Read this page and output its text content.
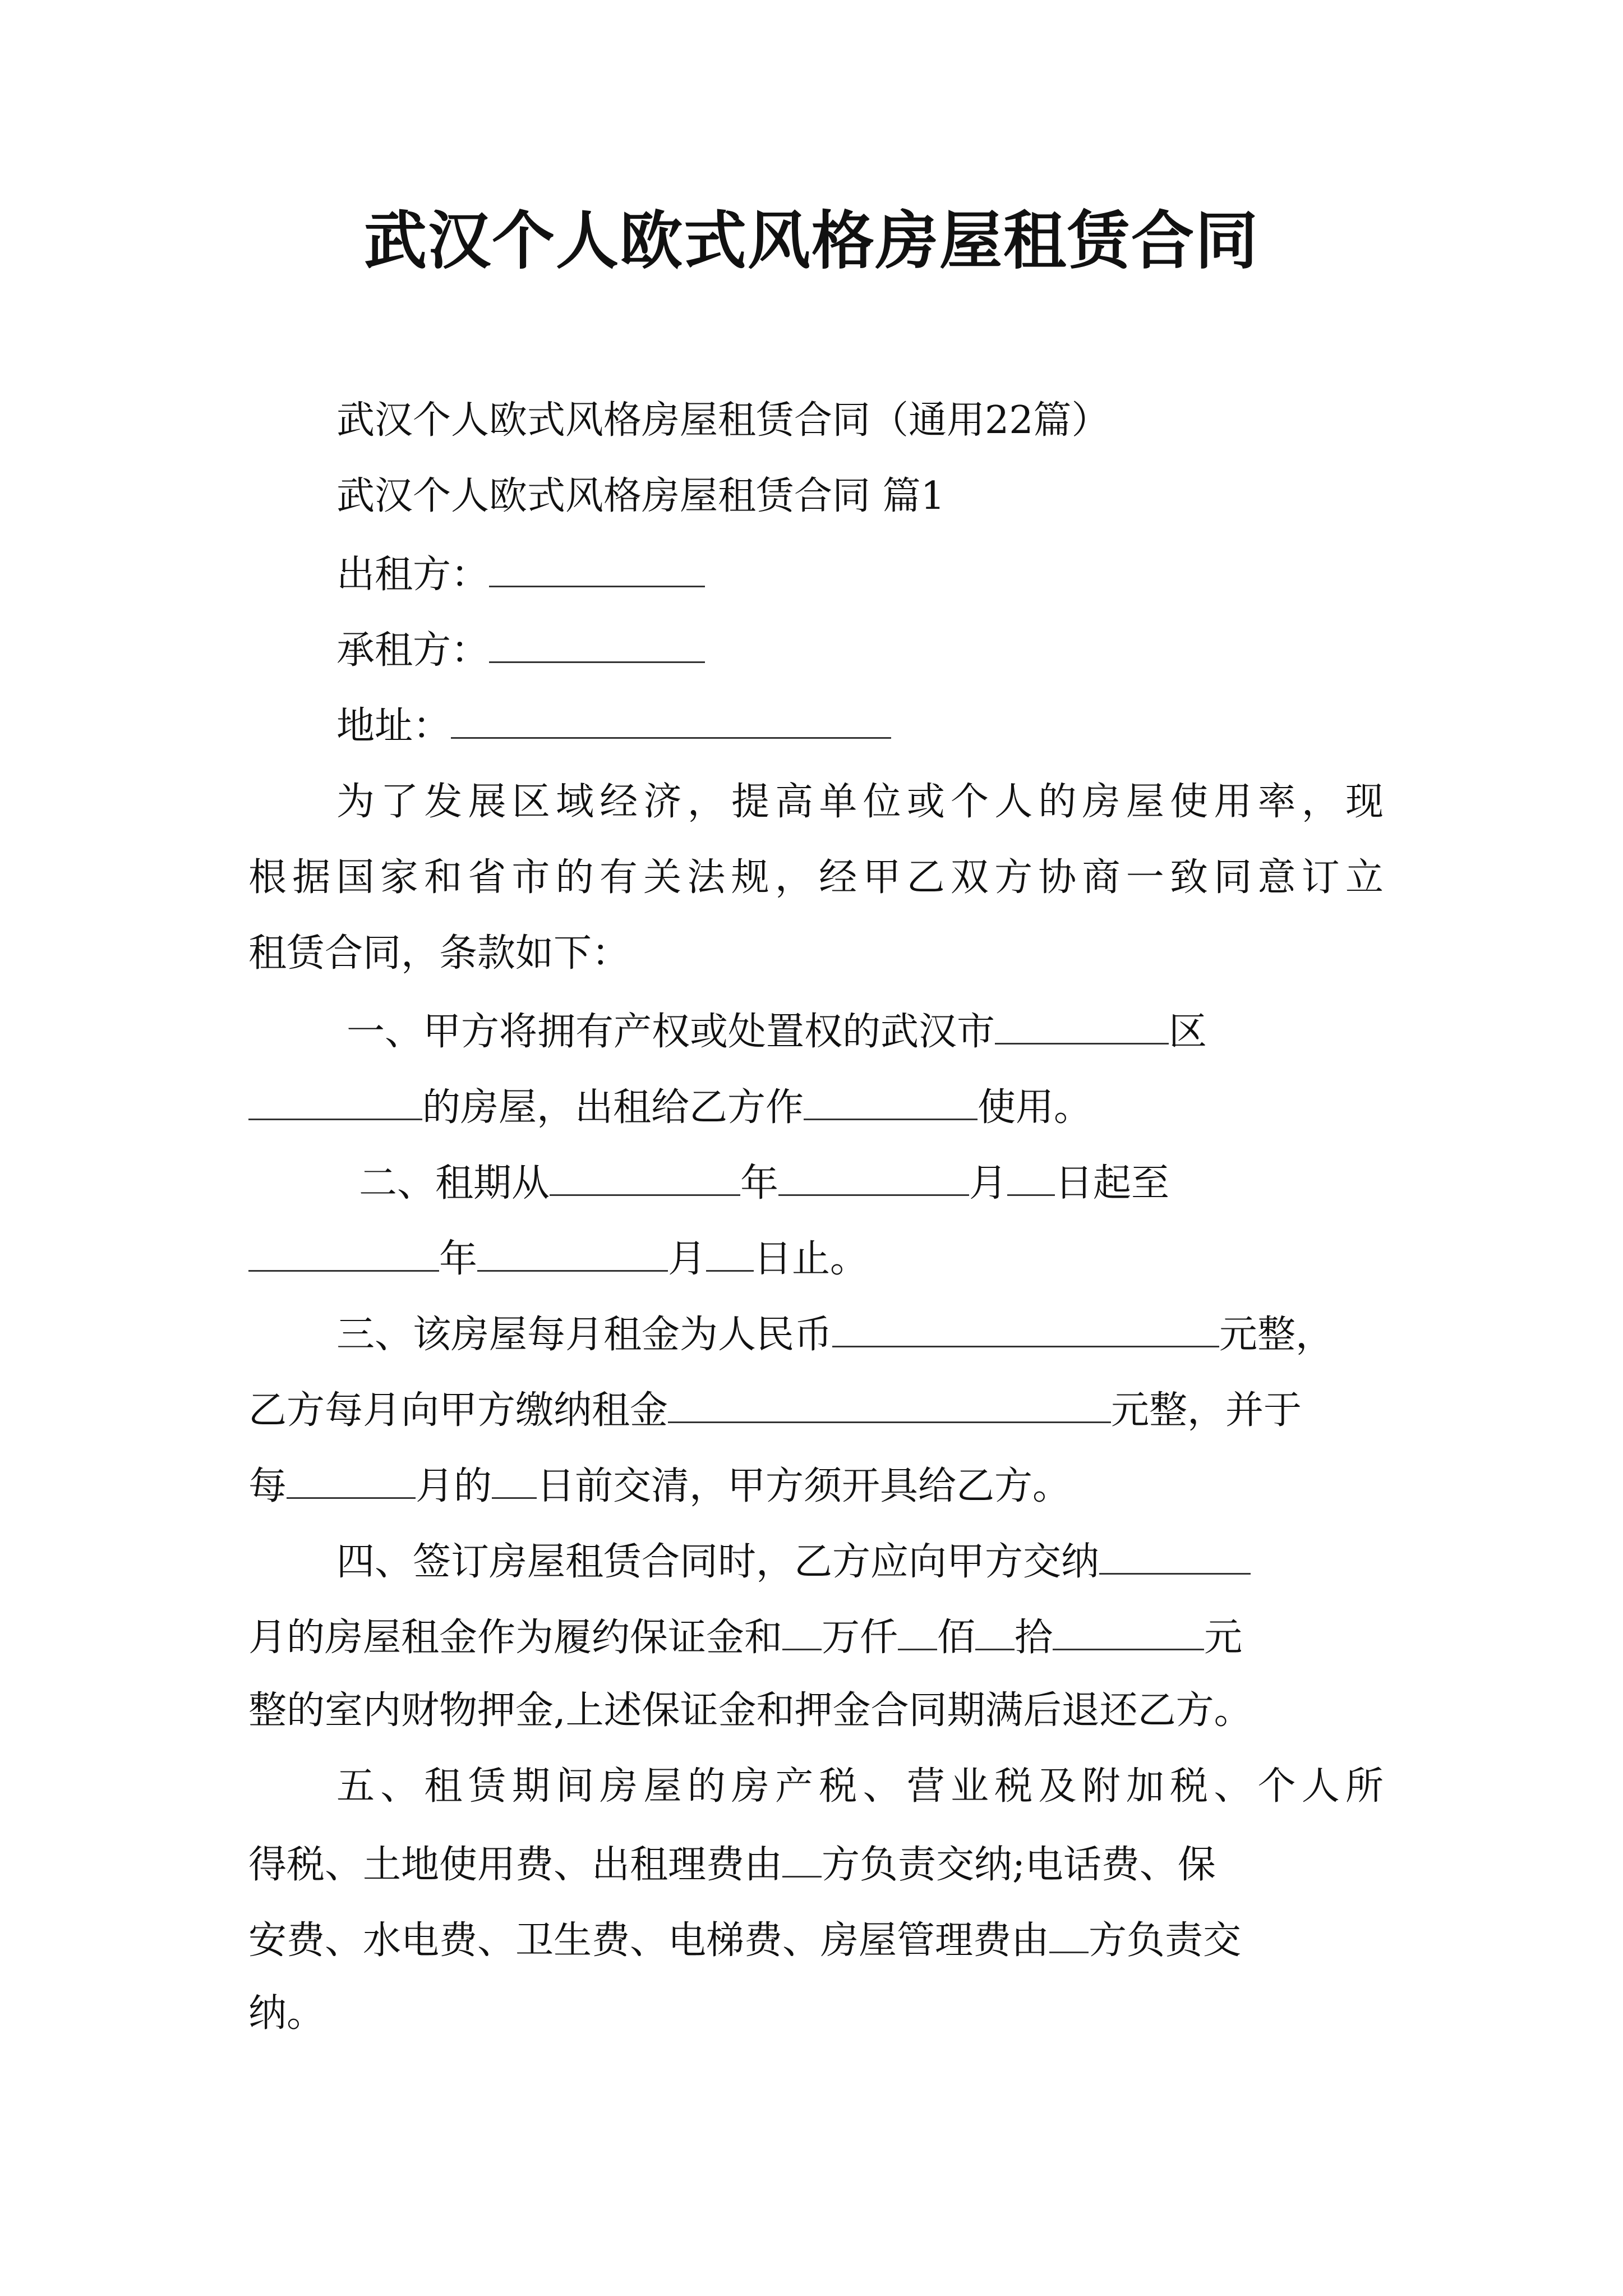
武汉个人欧式风格房屋租赁合同
武汉个人欧式风格房屋租赁合同（通用22篇）
武汉个人欧式风格房屋租赁合同 篇1
出租方：
承租方：
地址：
为了发展区域经济，提高单位或个人的房屋使用率，现
根据国家和省市的有关法规，经甲乙双方协商一致同意订立
租赁合同，条款如下：
一、甲方将拥有产权或处置权的武汉市	区
的房屋，出租给乙方作	使用。
二、租期从	年	月 日起至
年	月 日止。
三、该房屋每月租金为人民币	元整，
乙方每月向甲方缴纳租金	元整，并于
每	月的 日前交清，甲方须开具给乙方。
四、签订房屋租赁合同时，乙方应向甲方交纳
月的房屋租金作为履约保证金和 万仟 佰 拾	元
整的室内财物押金,上述保证金和押金合同期满后退还乙方。
五、租赁期间房屋的房产税、营业税及附加税、个人所
得税、土地使用费、出租理费由 方负责交纳;电话费、保
安费、水电费、卫生费、电梯费、房屋管理费由 方负责交
纳。
